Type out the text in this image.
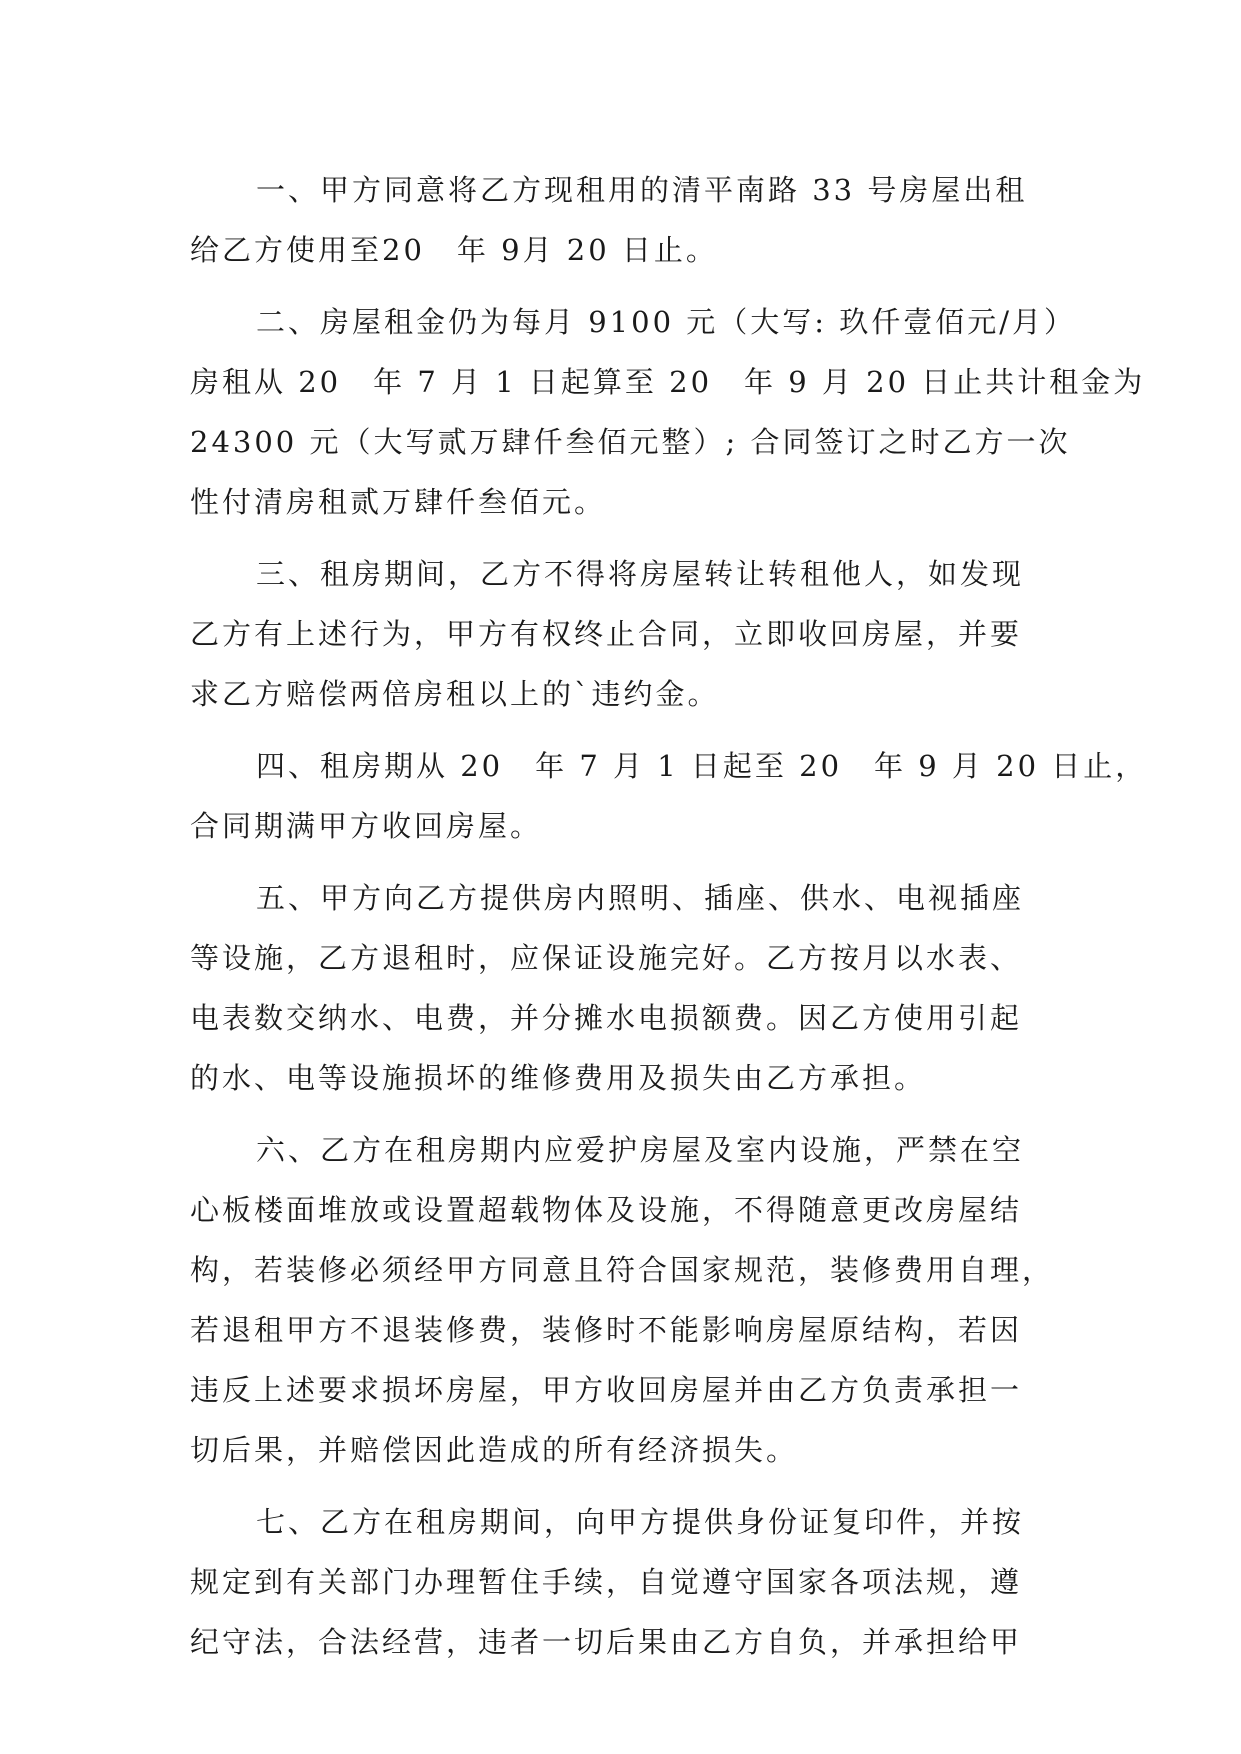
一、甲方同意将乙方现租用的清平南路 33 号房屋出租
给乙方使用至20　年 9月 20 日止。
二、房屋租金仍为每月 9100 元（大写: 玖仟壹佰元/月）
房租从 20　年 7 月 1 日起算至 20　年 9 月 20 日止共计租金为
24300 元（大写贰万肆仟叁佰元整）; 合同签订之时乙方一次
性付清房租贰万肆仟叁佰元。
三、租房期间，乙方不得将房屋转让转租他人，如发现
乙方有上述行为，甲方有权终止合同，立即收回房屋，并要
求乙方赔偿两倍房租以上的`违约金。
四、租房期从 20　年 7 月 1 日起至 20　年 9 月 20 日止，
合同期满甲方收回房屋。
五、甲方向乙方提供房内照明、插座、供水、电视插座
等设施，乙方退租时，应保证设施完好。乙方按月以水表、
电表数交纳水、电费，并分摊水电损额费。因乙方使用引起
的水、电等设施损坏的维修费用及损失由乙方承担。
六、乙方在租房期内应爱护房屋及室内设施，严禁在空
心板楼面堆放或设置超载物体及设施，不得随意更改房屋结
构，若装修必须经甲方同意且符合国家规范，装修费用自理，
若退租甲方不退装修费，装修时不能影响房屋原结构，若因
违反上述要求损坏房屋，甲方收回房屋并由乙方负责承担一
切后果，并赔偿因此造成的所有经济损失。
七、乙方在租房期间，向甲方提供身份证复印件，并按
规定到有关部门办理暂住手续，自觉遵守国家各项法规，遵
纪守法，合法经营，违者一切后果由乙方自负，并承担给甲
